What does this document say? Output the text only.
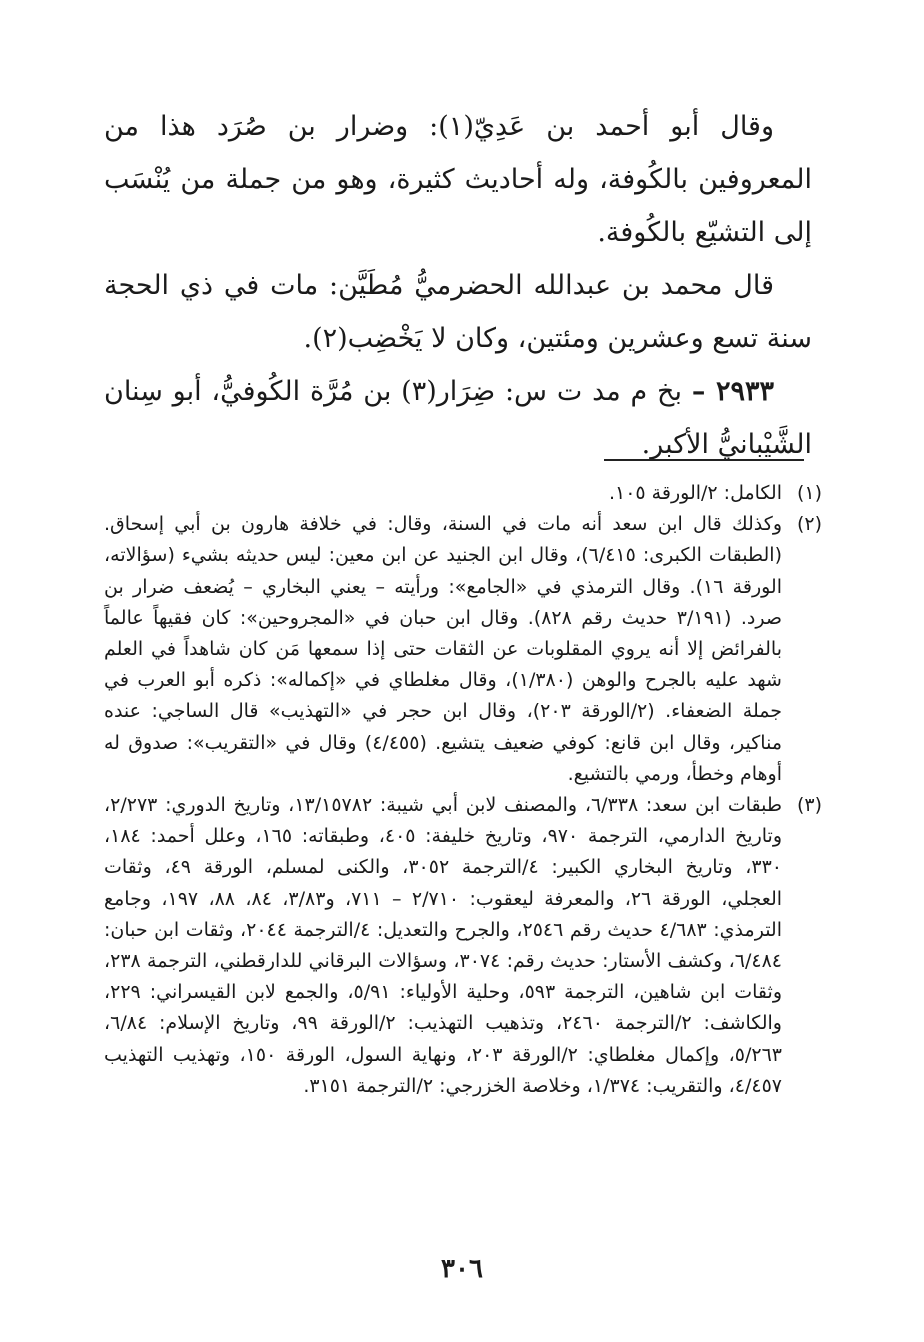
وقال أبو أحمد بن عَدِيّ(١): وضرار بن صُرَد هذا من المعروفين بالكُوفة، وله أحاديث كثيرة، وهو من جملة من يُنْسَب إلى التشيّع بالكُوفة.

قال محمد بن عبدالله الحضرميُّ مُطَيَّن: مات في ذي الحجة سنة تسع وعشرين ومئتين، وكان لا يَخْضِب(٢).

٢٩٣٣ – بخ م مد ت س: ضِرَار(٣) بن مُرَّة الكُوفيُّ، أبو سِنان الشَّيْبانيُّ الأكبر.

(١)
الكامل: ٢/الورقة ١٠٥.
(٢)
وكذلك قال ابن سعد أنه مات في السنة، وقال: في خلافة هارون بن أبي إسحاق. (الطبقات الكبرى: ٦/٤١٥)، وقال ابن الجنيد عن ابن معين: ليس حديثه بشيء (سؤالاته، الورقة ١٦). وقال الترمذي في «الجامع»: ورأيته – يعني البخاري – يُضعف ضرار بن صرد. (٣/١٩١ حديث رقم ٨٢٨). وقال ابن حبان في «المجروحين»: كان فقيهاً عالماً بالفرائض إلا أنه يروي المقلوبات عن الثقات حتى إذا سمعها مَن كان شاهداً في العلم شهد عليه بالجرح والوهن (١/٣٨٠)، وقال مغلطاي في «إكماله»: ذكره أبو العرب في جملة الضعفاء. (٢/الورقة ٢٠٣)، وقال ابن حجر في «التهذيب» قال الساجي: عنده مناكير، وقال ابن قانع: كوفي ضعيف يتشيع. (٤/٤٥٥) وقال في «التقريب»: صدوق له أوهام وخطأ، ورمي بالتشيع.
(٣)
طبقات ابن سعد: ٦/٣٣٨، والمصنف لابن أبي شيبة: ١٣/١٥٧٨٢، وتاريخ الدوري: ٢/٢٧٣، وتاريخ الدارمي، الترجمة ٩٧٠، وتاريخ خليفة: ٤٠٥، وطبقاته: ١٦٥، وعلل أحمد: ١٨٤، ٣٣٠، وتاريخ البخاري الكبير: ٤/الترجمة ٣٠٥٢، والكنى لمسلم، الورقة ٤٩، وثقات العجلي، الورقة ٢٦، والمعرفة ليعقوب: ٢/٧١٠ – ٧١١، و٣/٨٣، ٨٤، ٨٨، ١٩٧، وجامع الترمذي: ٤/٦٨٣ حديث رقم ٢٥٤٦، والجرح والتعديل: ٤/الترجمة ٢٠٤٤، وثقات ابن حبان: ٦/٤٨٤، وكشف الأستار: حديث رقم: ٣٠٧٤، وسؤالات البرقاني للدارقطني، الترجمة ٢٣٨، وثقات ابن شاهين، الترجمة ٥٩٣، وحلية الأولياء: ٥/٩١، والجمع لابن القيسراني: ٢٢٩، والكاشف: ٢/الترجمة ٢٤٦٠، وتذهيب التهذيب: ٢/الورقة ٩٩، وتاريخ الإسلام: ٦/٨٤، ٥/٢٦٣، وإكمال مغلطاي: ٢/الورقة ٢٠٣، ونهاية السول، الورقة ١٥٠، وتهذيب التهذيب ٤/٤٥٧، والتقريب: ١/٣٧٤، وخلاصة الخزرجي: ٢/الترجمة ٣١٥١.
٣٠٦
